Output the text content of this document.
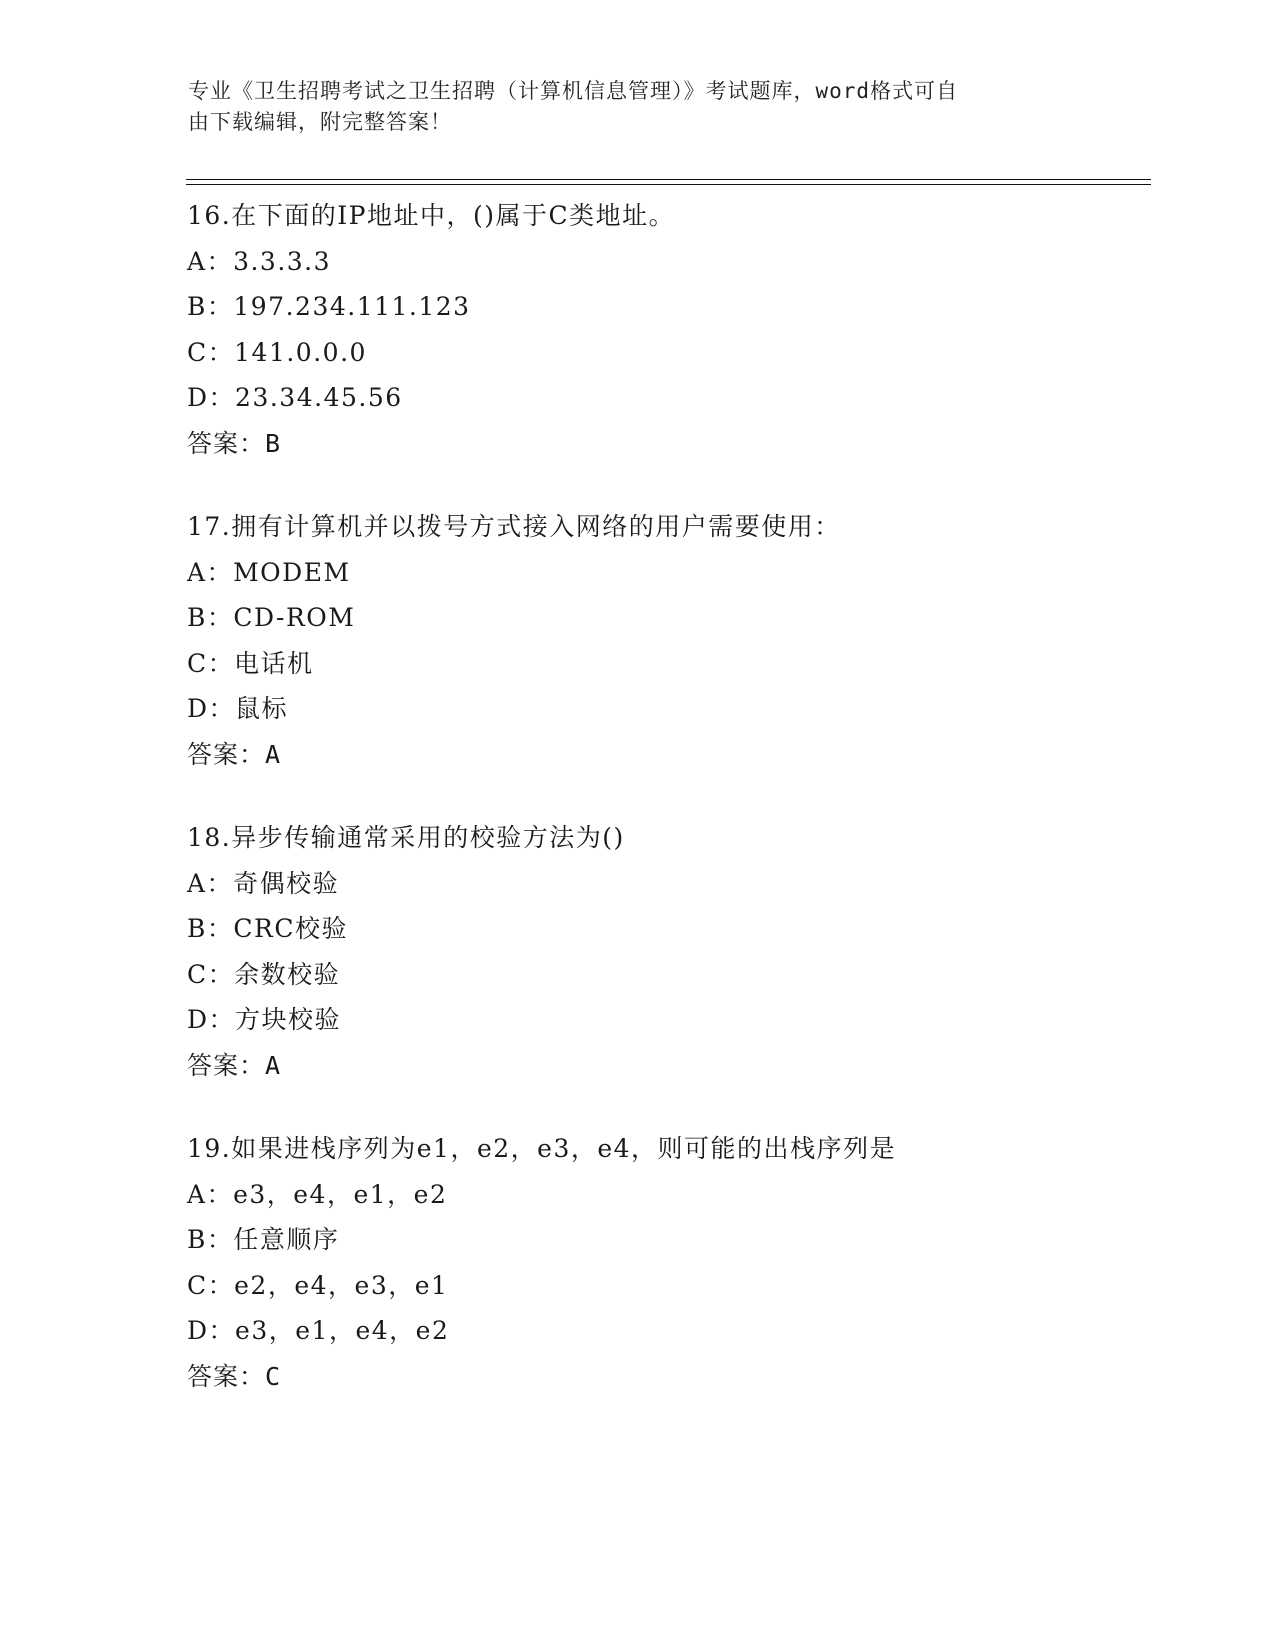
专业《卫生招聘考试之卫生招聘（计算机信息管理）》考试题库，word格式可自
由下载编辑，附完整答案！
16.在下面的IP地址中，()属于C类地址。
A：3.3.3.3
B：197.234.111.123
C：141.0.0.0
D：23.34.45.56
答案：B
17.拥有计算机并以拨号方式接入网络的用户需要使用：
A：MODEM
B：CD-ROM
C：电话机
D：鼠标
答案：A
18.异步传输通常采用的校验方法为()
A：奇偶校验
B：CRC校验
C：余数校验
D：方块校验
答案：A
19.如果进栈序列为e1，e2，e3，e4，则可能的出栈序列是
A：e3，e4，e1，e2
B：任意顺序
C：e2，e4，e3，e1
D：e3，e1，e4，e2
答案：C
